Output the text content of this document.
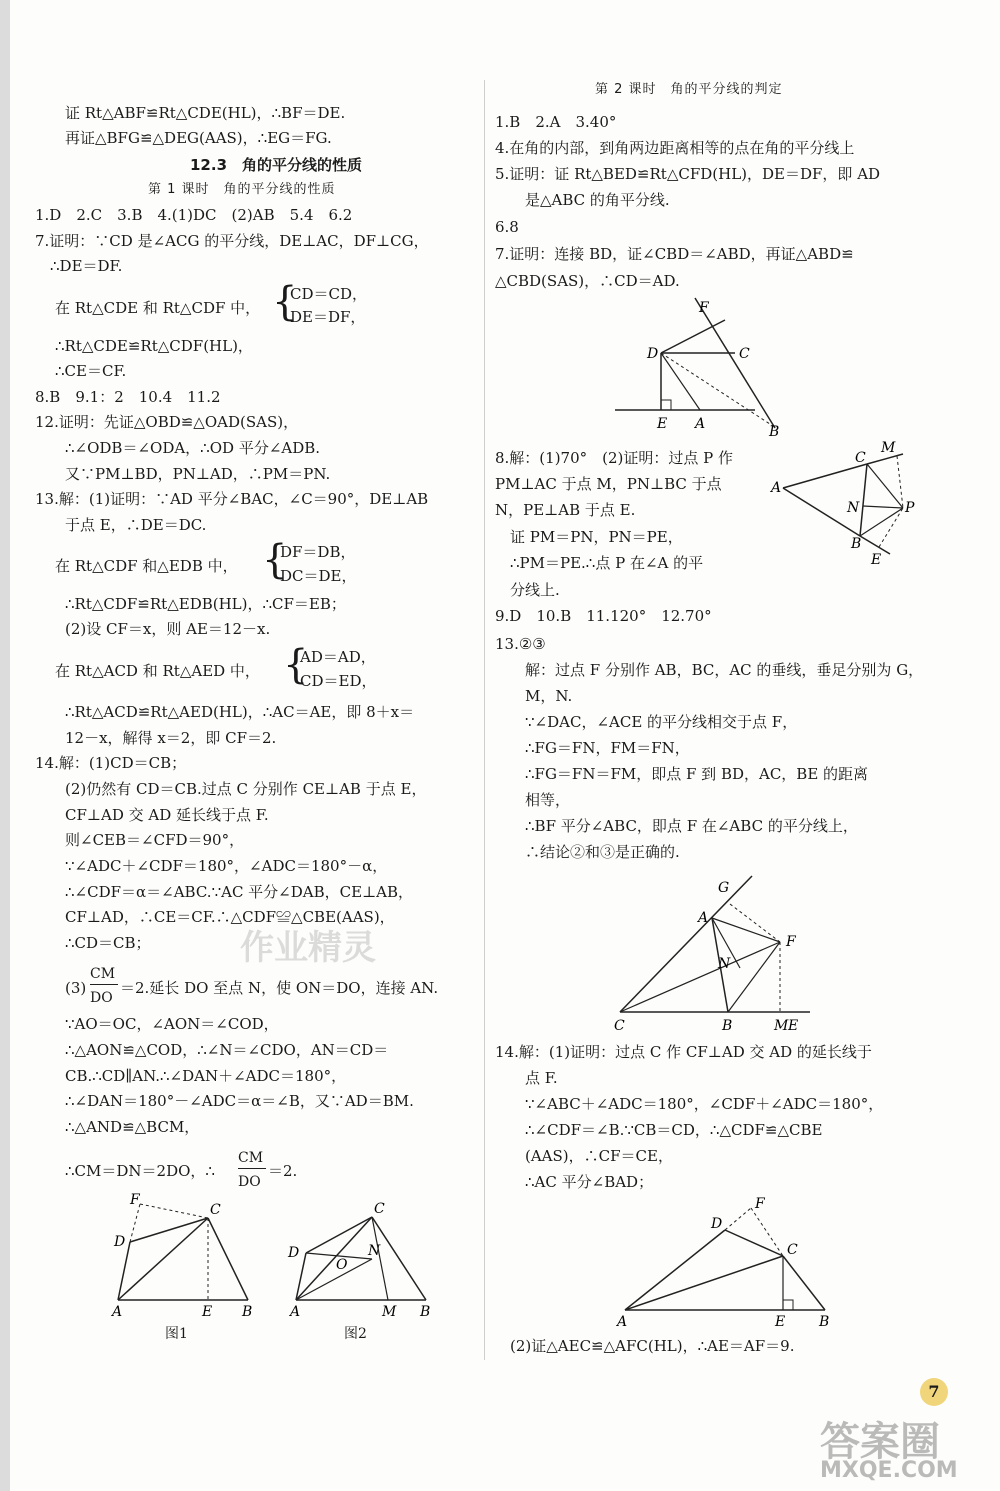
证 Rt△ABF≌Rt△CDE(HL)，∴BF＝DE.
再证△BFG≌△DEG(AAS)，∴EG＝FG.
12.3　角的平分线的性质
第 1 课时　角的平分线的性质
1.D　2.C　3.B　4.(1)DC　(2)AB　5.4　6.2
7.证明：∵CD 是∠ACG 的平分线，DE⊥AC，DF⊥CG，
∴DE＝DF.
在 Rt△CDE 和 Rt△CDF 中， {
CD＝CD，
DE＝DF，
∴Rt△CDE≌Rt△CDF(HL)，
∴CE＝CF.
8.B　9.1：2　10.4　11.2
12.证明：先证△OBD≌△OAD(SAS)，
∴∠ODB＝∠ODA，∴OD 平分∠ADB.
又∵PM⊥BD，PN⊥AD，∴PM＝PN.
13.解：(1)证明：∵AD 平分∠BAC，∠C＝90°，DE⊥AB
于点 E，∴DE＝DC.
在 Rt△CDF 和△EDB 中， {
DF＝DB，
DC＝DE，
∴Rt△CDF≌Rt△EDB(HL)，∴CF＝EB；
(2)设 CF＝x，则 AE＝12－x.
在 Rt△ACD 和 Rt△AED 中， {
AD＝AD，
CD＝ED，
∴Rt△ACD≌Rt△AED(HL)，∴AC＝AE，即 8＋x＝
12－x，解得 x＝2，即 CF＝2.
14.解：(1)CD＝CB；
(2)仍然有 CD＝CB.过点 C 分别作 CE⊥AB 于点 E，
CF⊥AD 交 AD 延长线于点 F.
则∠CEB＝∠CFD＝90°，
∵∠ADC＋∠CDF＝180°，∠ADC＝180°－α，
∴∠CDF＝α＝∠ABC.∵AC 平分∠DAB，CE⊥AB，
CF⊥AD，∴CE＝CF.∴△CDF≌△CBE(AAS)，
∴CD＝CB；
(3)
CM
DO
＝2.延长 DO 至点 N，使 ON＝DO，连接 AN.
∵AO＝OC，∠AON＝∠COD，
∴△AON≌△COD，∴∠N＝∠CDO，AN＝CD＝
CB.∴CD∥AN.∴∠DAN＋∠ADC＝180°，
∴∠DAN＝180°－∠ADC＝α＝∠B，又∵AD＝BM.
∴△AND≌△BCM，
∴CM＝DN＝2DO，∴
CM
DO
＝2.
F
C
D
A	E B
图1
C
D	N
O
A	M B
图2
第 2 课时　角的平分线的判定
1.B　2.A　3.40°
4.在角的内部，到角两边距离相等的点在角的平分线上
5.证明：证 Rt△BED≌Rt△CFD(HL)，DE＝DF，即 AD
是△ABC 的角平分线.
6.8
7.证明：连接 BD，证∠CBD＝∠ABD，再证△ABD≌
△CBD(SAS)，∴CD＝AD.
F
C
D
E A	B
8.解：(1)70°　(2)证明：过点 P 作
PM⊥AC 于点 M，PN⊥BC 于点
N，PE⊥AB 于点 E.
证 PM＝PN，PN＝PE，
∴PM＝PE.∴点 P 在∠A 的平
分线上.
M
C
A
N	P
B
E
9.D　10.B　11.120°　12.70°
13.②③
解：过点 F 分别作 AB，BC，AC 的垂线，垂足分别为 G，
M，N.
∵∠DAC，∠ACE 的平分线相交于点 F，
∴FG＝FN，FM＝FN，
∴FG＝FN＝FM，即点 F 到 BD，AC，BE 的距离
相等，
∴BF 平分∠ABC，即点 F 在∠ABC 的平分线上，
∴结论②和③是正确的.
G
A
F
N
C	B	M E
14.解：(1)证明：过点 C 作 CF⊥AD 交 AD 的延长线于
点 F.
∵∠ABC＋∠ADC＝180°，∠CDF＋∠ADC＝180°，
∴∠CDF＝∠B.∵CB＝CD，∴△CDF≌△CBE
(AAS)，∴CF＝CE，
∴AC 平分∠BAD；
F
D
C
A	E B
(2)证△AEC≌△AFC(HL)，∴AE＝AF＝9.
作业精灵
7
答案圈
MXQE.COM
